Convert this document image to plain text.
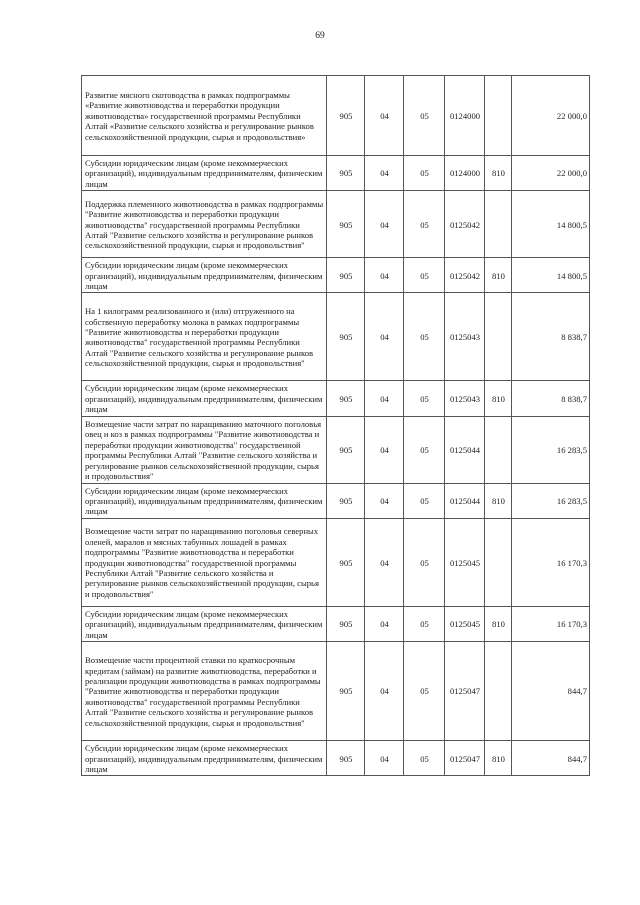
69
Развитие мясного скотоводства в рамках подпрограммы «Развитие животноводства и переработки продукции животноводства» государственной программы Республики Алтай «Развитие сельского хозяйства и регулирование рынков сельскохозяйственной продукции, сырья и продовольствия»	905	04	05	0124000		22 000,0
Субсидии юридическим лицам (кроме некоммерческих организаций), индивидуальным предпринимателям, физическим лицам	905	04	05	0124000	810	22 000,0
Поддержка племенного животноводства в рамках подпрограммы "Развитие животноводства и переработки продукции животноводства" государственной программы Республики Алтай "Развитие сельского хозяйства и регулирование рынков сельскохозяйственной продукции, сырья и продовольствия"	905	04	05	0125042		14 800,5
Субсидии юридическим лицам (кроме некоммерческих организаций), индивидуальным предпринимателям, физическим лицам	905	04	05	0125042	810	14 800,5
На 1 килограмм реализованного и (или) отгруженного на собственную переработку молока в рамках подпрограммы "Развитие животноводства и переработки продукции животноводства" государственной программы Республики Алтай "Развитие сельского хозяйства и регулирование рынков сельскохозяйственной продукции, сырья и продовольствия"	905	04	05	0125043		8 838,7
Субсидии юридическим лицам (кроме некоммерческих организаций), индивидуальным предпринимателям, физическим лицам	905	04	05	0125043	810	8 838,7
Возмещение части затрат по наращиванию маточного поголовья овец и коз в рамках подпрограммы "Развитие животноводства и переработки продукции животноводства" государственной программы Республики Алтай "Развитие сельского хозяйства и регулирование рынков сельскохозяйственной продукции, сырья и продовольствия"	905	04	05	0125044		16 283,5
Субсидии юридическим лицам (кроме некоммерческих организаций), индивидуальным предпринимателям, физическим лицам	905	04	05	0125044	810	16 283,5
Возмещение части затрат по наращиванию поголовья северных оленей, маралов и мясных табунных лошадей в рамках подпрограммы "Развитие животноводства и переработки продукции животноводства" государственной программы Республики Алтай "Развитие сельского хозяйства и регулирование рынков сельскохозяйственной продукции, сырья и продовольствия"	905	04	05	0125045		16 170,3
Субсидии юридическим лицам (кроме некоммерческих организаций), индивидуальным предпринимателям, физическим лицам	905	04	05	0125045	810	16 170,3
Возмещение части процентной ставки по краткосрочным кредитам (займам) на развитие животноводства, переработки и реализации продукции животноводства в рамках подпрограммы "Развитие животноводства и переработки продукции животноводства" государственной программы Республики Алтай "Развитие сельского хозяйства и регулирование рынков сельскохозяйственной продукции, сырья и продовольствия"	905	04	05	0125047		844,7
Субсидии юридическим лицам (кроме некоммерческих организаций), индивидуальным предпринимателям, физическим лицам	905	04	05	0125047	810	844,7
